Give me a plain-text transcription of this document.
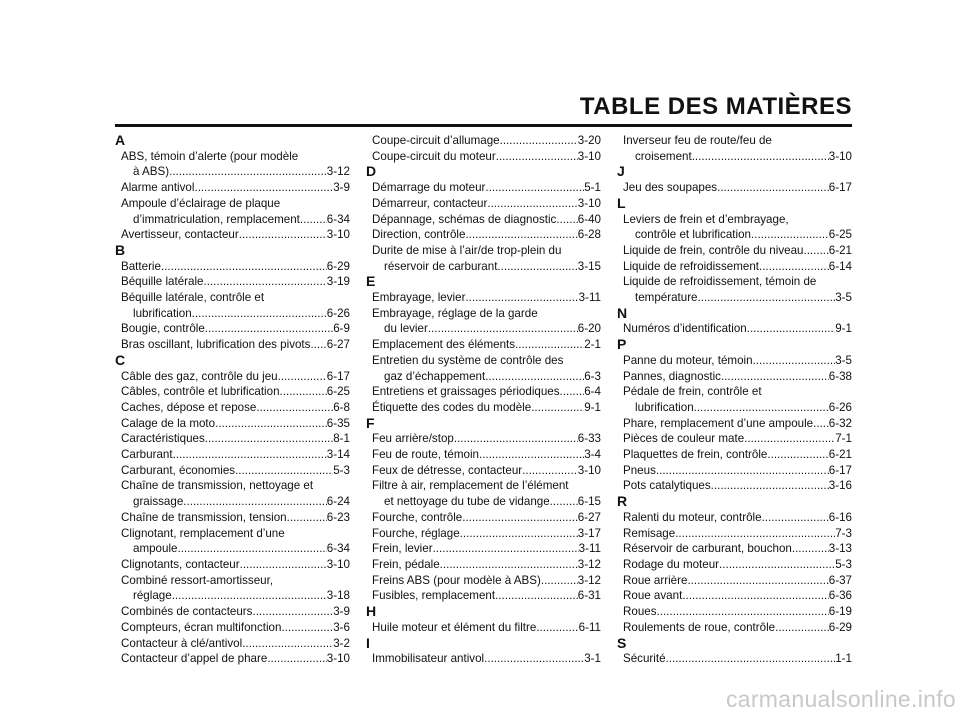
TABLE DES MATIÈRES
A
ABS, témoin d’alerte (pour modèle
à ABS) .....	3-12
Alarme antivol .....	3-9
Ampoule d’éclairage de plaque
d’immatriculation, remplacement ..... 6-34
Avertisseur, contacteur .....	3-10
B
Batterie .....	6-29
Béquille latérale .....	3-19
Béquille latérale, contrôle et
lubrification .....	6-26
Bougie, contrôle .....	6-9
Bras oscillant, lubrification des pivots ..... 6-27
C
Câble des gaz, contrôle du jeu .....	6-17
Câbles, contrôle et lubrification .....	6-25
Caches, dépose et repose .....	6-8
Calage de la moto .....	6-35
Caractéristiques .....	8-1
Carburant .....	3-14
Carburant, économies .....	5-3
Chaîne de transmission, nettoyage et
graissage .....	6-24
Chaîne de transmission, tension .....	6-23
Clignotant, remplacement d’une
ampoule .....	6-34
Clignotants, contacteur .....	3-10
Combiné ressort-amortisseur,
réglage .....	3-18
Combinés de contacteurs .....	3-9
Compteurs, écran multifonction .....	3-6
Contacteur à clé/antivol .....	3-2
Contacteur d’appel de phare .....	3-10
Coupe-circuit d’allumage .....	3-20
Coupe-circuit du moteur .....	3-10
D
Démarrage du moteur .....	5-1
Démarreur, contacteur .....	3-10
Dépannage, schémas de diagnostic ..... 6-40
Direction, contrôle .....	6-28
Durite de mise à l’air/de trop-plein du
réservoir de carburant .....	3-15
E
Embrayage, levier .....	3-11
Embrayage, réglage de la garde
du levier .....	6-20
Emplacement des éléments .....	2-1
Entretien du système de contrôle des
gaz d’échappement .....	6-3
Entretiens et graissages périodiques ..... 6-4
Étiquette des codes du modèle .....	9-1
F
Feu arrière/stop .....	6-33
Feu de route, témoin .....	3-4
Feux de détresse, contacteur .....	3-10
Filtre à air, remplacement de l’élément
et nettoyage du tube de vidange ..... 6-15
Fourche, contrôle .....	6-27
Fourche, réglage .....	3-17
Frein, levier .....	3-11
Frein, pédale .....	3-12
Freins ABS (pour modèle à ABS) .....	3-12
Fusibles, remplacement .....	6-31
H
Huile moteur et élément du filtre .....	6-11
I
Immobilisateur antivol .....	3-1
Inverseur feu de route/feu de
croisement .....	3-10
J
Jeu des soupapes .....	6-17
L
Leviers de frein et d’embrayage,
contrôle et lubrification .....	6-25
Liquide de frein, contrôle du niveau ..... 6-21
Liquide de refroidissement .....	6-14
Liquide de refroidissement, témoin de
température .....	3-5
N
Numéros d’identification .....	9-1
P
Panne du moteur, témoin .....	3-5
Pannes, diagnostic .....	6-38
Pédale de frein, contrôle et
lubrification .....	6-26
Phare, remplacement d’une ampoule ..... 6-32
Pièces de couleur mate .....	7-1
Plaquettes de frein, contrôle .....	6-21
Pneus .....	6-17
Pots catalytiques .....	3-16
R
Ralenti du moteur, contrôle .....	6-16
Remisage .....	7-3
Réservoir de carburant, bouchon .....	3-13
Rodage du moteur .....	5-3
Roue arrière .....	6-37
Roue avant .....	6-36
Roues .....	6-19
Roulements de roue, contrôle .....	6-29
S
Sécurité .....	1-1
carmanualsonline.info
